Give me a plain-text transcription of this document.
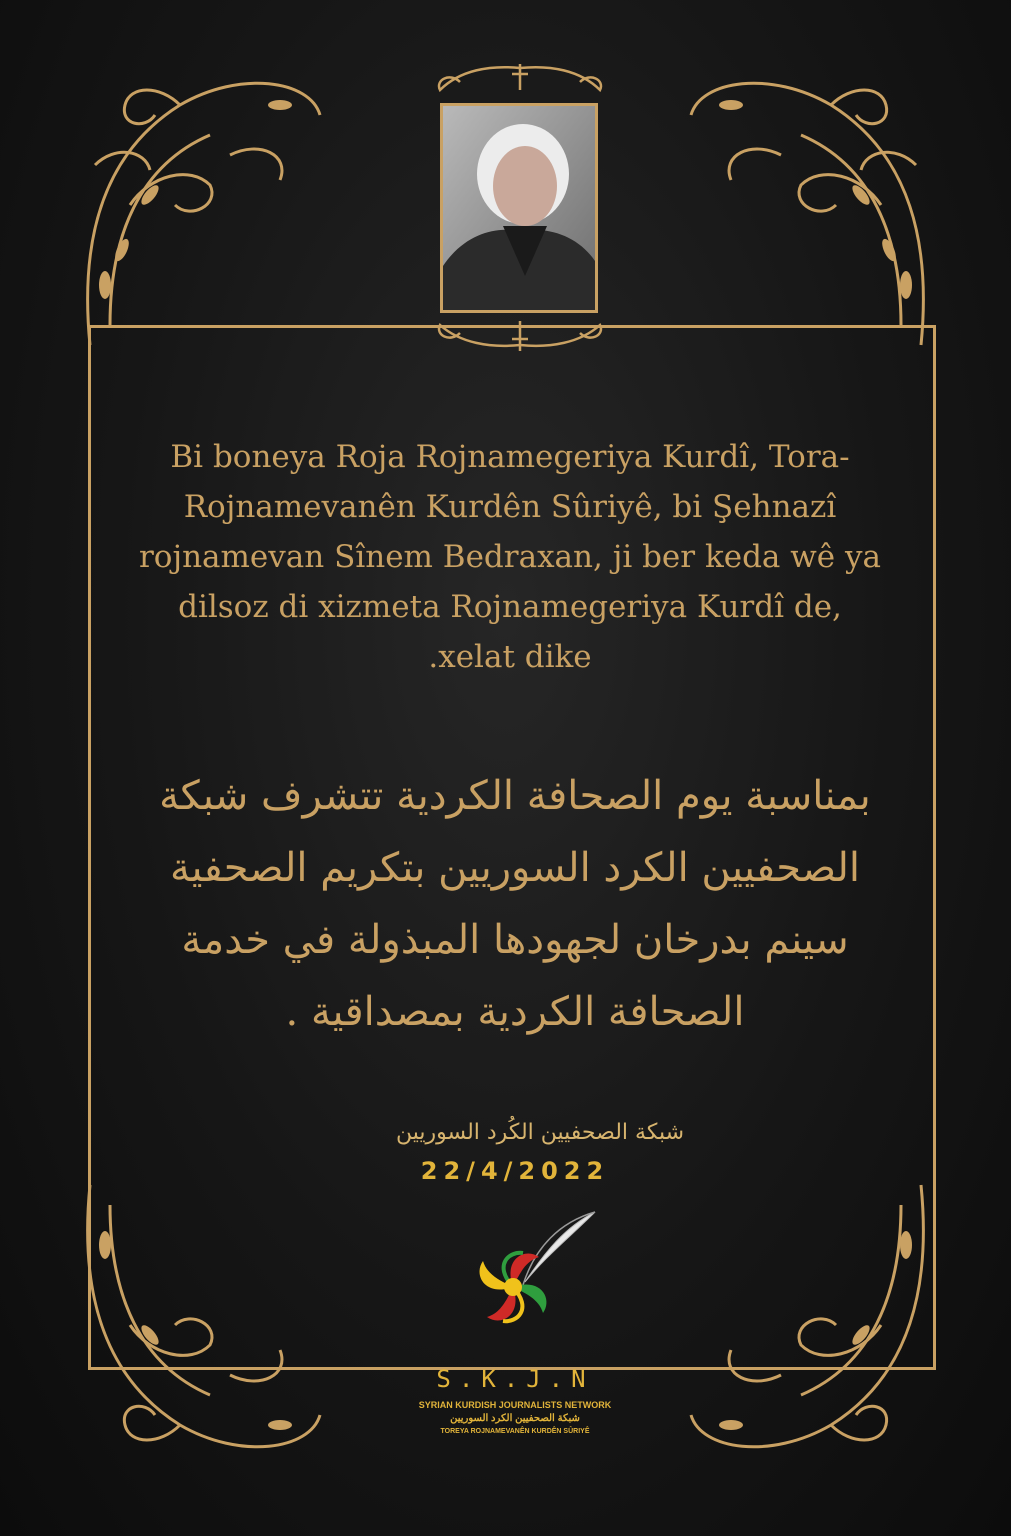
Bi boneya Roja Rojnamegeriya Kurdî, Tora-
Rojnamevanên Kurdên Sûriyê, bi Şehnazî
rojnamevan Sînem Bedraxan, ji ber keda wê ya
dilsoz di xizmeta Rojnamegeriya Kurdî de,
.xelat dike
بمناسبة يوم الصحافة الكردية تتشرف شبكة
الصحفيين الكرد السوريين بتكريم الصحفية
سينم بدرخان لجهودها المبذولة في خدمة
الصحافة الكردية بمصداقية .
شبكة الصحفيين الكُرد السوريين
22/4/2022
S.K.J.N
SYRIAN KURDISH JOURNALISTS NETWORK
شبكة الصحفيين الكرد السوريين
TOREYA ROJNAMEVANÊN KURDÊN SÛRIYÊ
